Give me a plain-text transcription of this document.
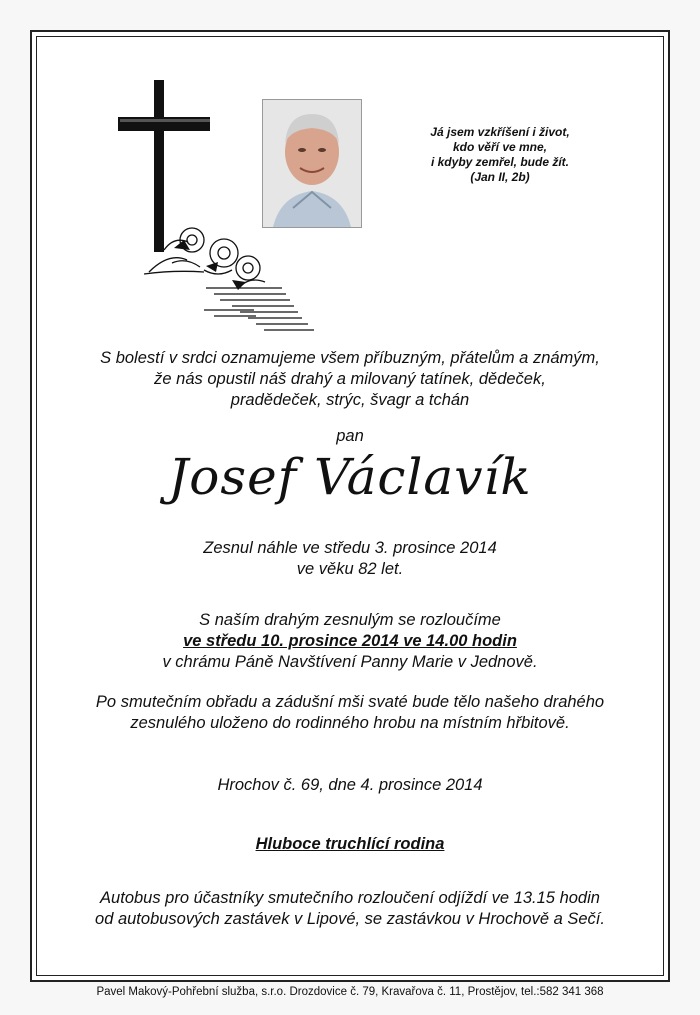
Já jsem vzkříšení i život,
kdo věří ve mne,
i kdyby zemřel, bude žít.
(Jan II, 2b)
S bolestí v srdci oznamujeme všem příbuzným, přátelům a známým,
že nás opustil náš drahý a milovaný tatínek, dědeček,
pradědeček, strýc, švagr a tchán
pan
Josef Václavík
Zesnul náhle ve středu 3. prosince 2014
ve věku 82 let.
S naším drahým zesnulým se rozloučíme
ve středu 10. prosince 2014 ve 14.00 hodin
v chrámu Páně Navštívení Panny Marie v Jednově.
Po smutečním obřadu a zádušní mši svaté bude tělo našeho drahého
zesnulého uloženo do rodinného hrobu na místním hřbitově.
Hrochov č. 69, dne 4. prosince 2014
Hluboce truchlící rodina
Autobus pro účastníky smutečního rozloučení odjíždí ve 13.15 hodin
od autobusových zastávek v Lipové, se zastávkou v Hrochově a Sečí.
Pavel Makový-Pohřební služba, s.r.o. Drozdovice č. 79, Kravařova č. 11, Prostějov, tel.:582 341 368
